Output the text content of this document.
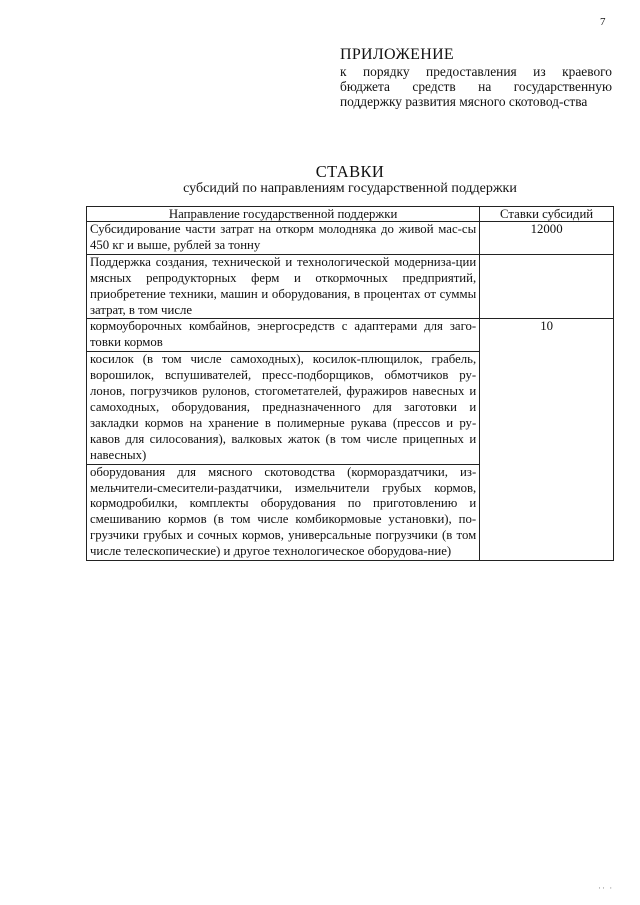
7
ПРИЛОЖЕНИЕ
к порядку предоставления из краевого бюджета средств на государственную поддержку развития мясного скотовод-ства
СТАВКИ
субсидий по направлениям государственной поддержки
Направление государственной поддержки	Ставки субсидий
Субсидирование части затрат на откорм молодняка до живой мас-сы 450 кг и выше, рублей за тонну	12000
Поддержка создания, технической и технологической модерниза-ции мясных репродукторных ферм и откормочных предприятий, приобретение техники, машин и оборудования, в процентах от суммы затрат, в том числе	
кормоуборочных комбайнов, энергосредств с адаптерами для заго-товки кормов	10
косилок (в том числе самоходных), косилок-плющилок, грабель, ворошилок, вспушивателей, пресс-подборщиков, обмотчиков ру-лонов, погрузчиков рулонов, стогометателей, фуражиров навесных и самоходных, оборудования, предназначенного для заготовки и закладки кормов на хранение в полимерные рукава (прессов и ру-кавов для силосования), валковых жаток (в том числе прицепных и навесных)	
оборудования для мясного скотоводства (кормораздатчики, из-мельчители-смесители-раздатчики, измельчители грубых кормов, кормодробилки, комплекты оборудования по приготовлению и смешиванию кормов (в том числе комбикормовые установки), по-грузчики грубых и сочных кормов, универсальные погрузчики (в том числе телескопические) и другое технологическое оборудова-ние)	
·· ·
